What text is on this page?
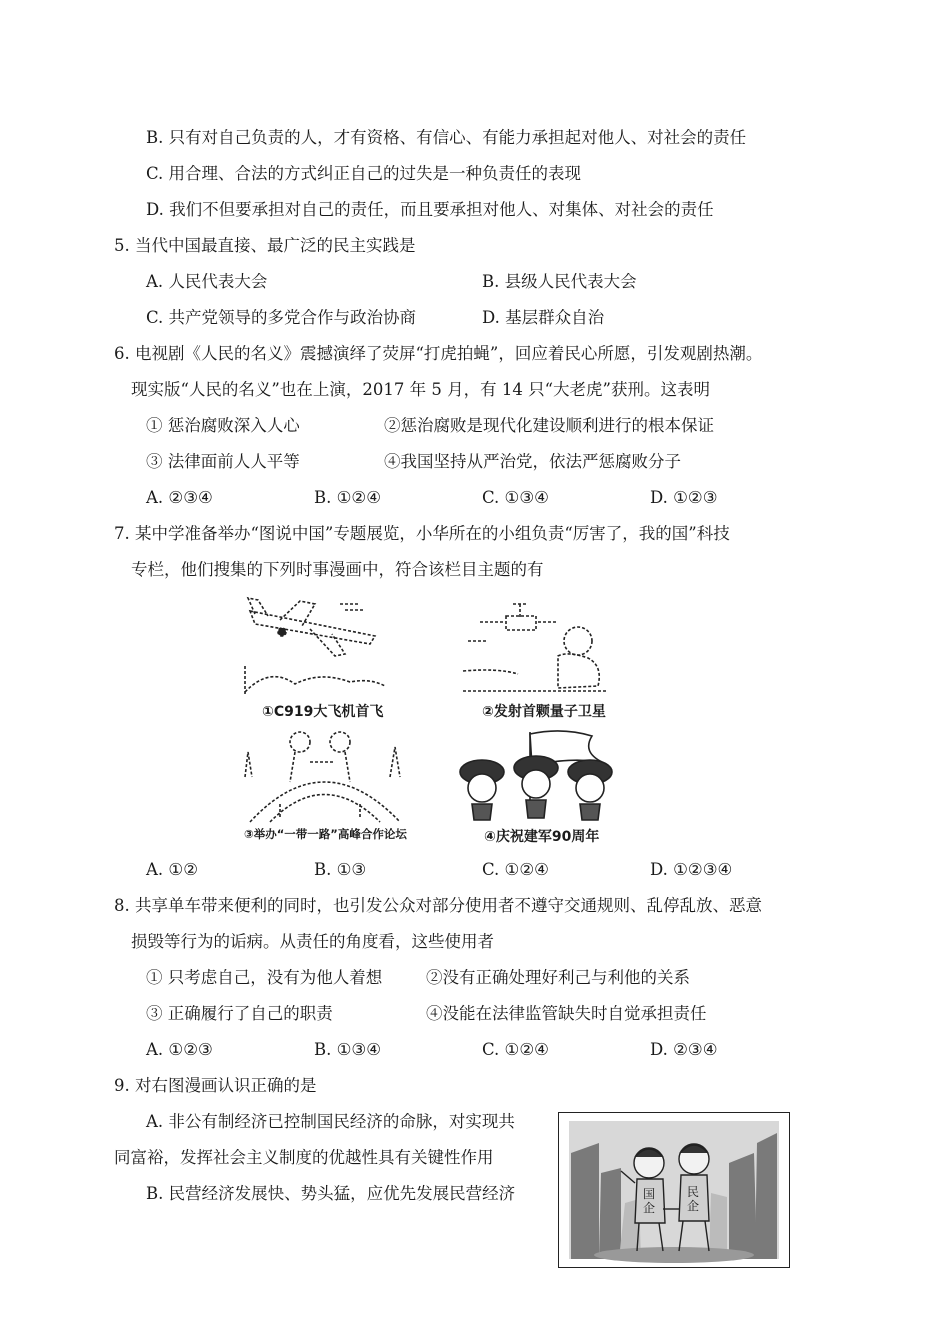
B. 只有对自己负责的人，才有资格、有信心、有能力承担起对他人、对社会的责任
C. 用合理、合法的方式纠正自己的过失是一种负责任的表现
D. 我们不但要承担对自己的责任，而且要承担对他人、对集体、对社会的责任
5. 当代中国最直接、最广泛的民主实践是
A. 人民代表大会	B. 县级人民代表大会
C. 共产党领导的多党合作与政治协商	D. 基层群众自治
6. 电视剧《人民的名义》震撼演绎了荧屏“打虎拍蝇”，回应着民心所愿，引发观剧热潮。
现实版“人民的名义”也在上演，2017 年 5 月，有 14 只“大老虎”获刑。这表明
① 惩治腐败深入人心	②惩治腐败是现代化建设顺利进行的根本保证
③ 法律面前人人平等	④我国坚持从严治党，依法严惩腐败分子
A. ②③④	B. ①②④	C. ①③④	D. ①②③
7. 某中学准备举办“图说中国”专题展览，小华所在的小组负责“厉害了，我的国”科技
专栏，他们搜集的下列时事漫画中，符合该栏目主题的有
①C919大飞机首飞	②发射首颗量子卫星
③举办“一带一路”高峰合作论坛	④庆祝建军90周年
A. ①②	B. ①③	C. ①②④	D. ①②③④
8. 共享单车带来便利的同时，也引发公众对部分使用者不遵守交通规则、乱停乱放、恶意
损毁等行为的诟病。从责任的角度看，这些使用者
① 只考虑自己，没有为他人着想	②没有正确处理好利己与利他的关系
③ 正确履行了自己的职责	④没能在法律监管缺失时自觉承担责任
A. ①②③	B. ①③④	C. ①②④	D. ②③④
9. 对右图漫画认识正确的是
A. 非公有制经济已控制国民经济的命脉，对实现共
同富裕，发挥社会主义制度的优越性具有关键性作用
B. 民营经济发展快、势头猛，应优先发展民营经济	国企
民企
